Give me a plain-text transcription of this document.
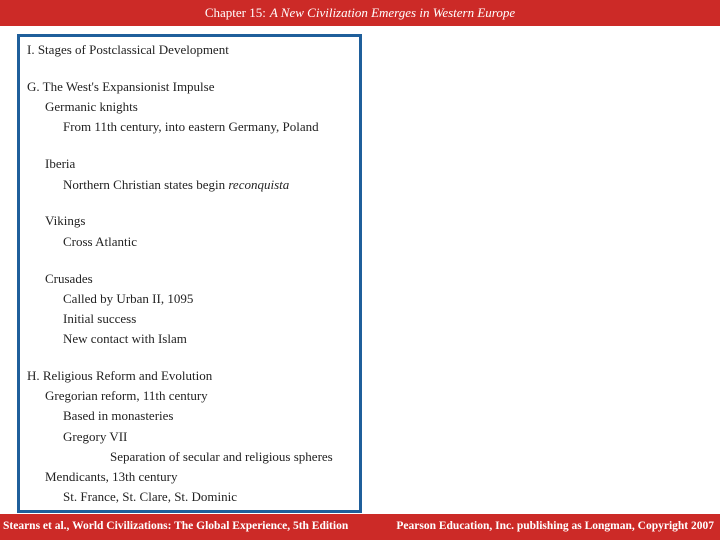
Chapter 15: A New Civilization Emerges in Western Europe
I. Stages of Postclassical Development
G. The West's Expansionist Impulse
Germanic knights
From 11th century, into eastern Germany, Poland
Iberia
Northern Christian states begin reconquista
Vikings
Cross Atlantic
Crusades
Called by Urban II, 1095
Initial success
New contact with Islam
H. Religious Reform and Evolution
Gregorian reform, 11th century
Based in monasteries
Gregory VII
Separation of secular and religious spheres
Mendicants, 13th century
St. France, St. Clare, St. Dominic
Stearns et al., World Civilizations: The Global Experience, 5th Edition	Pearson Education, Inc. publishing as Longman, Copyright 2007
